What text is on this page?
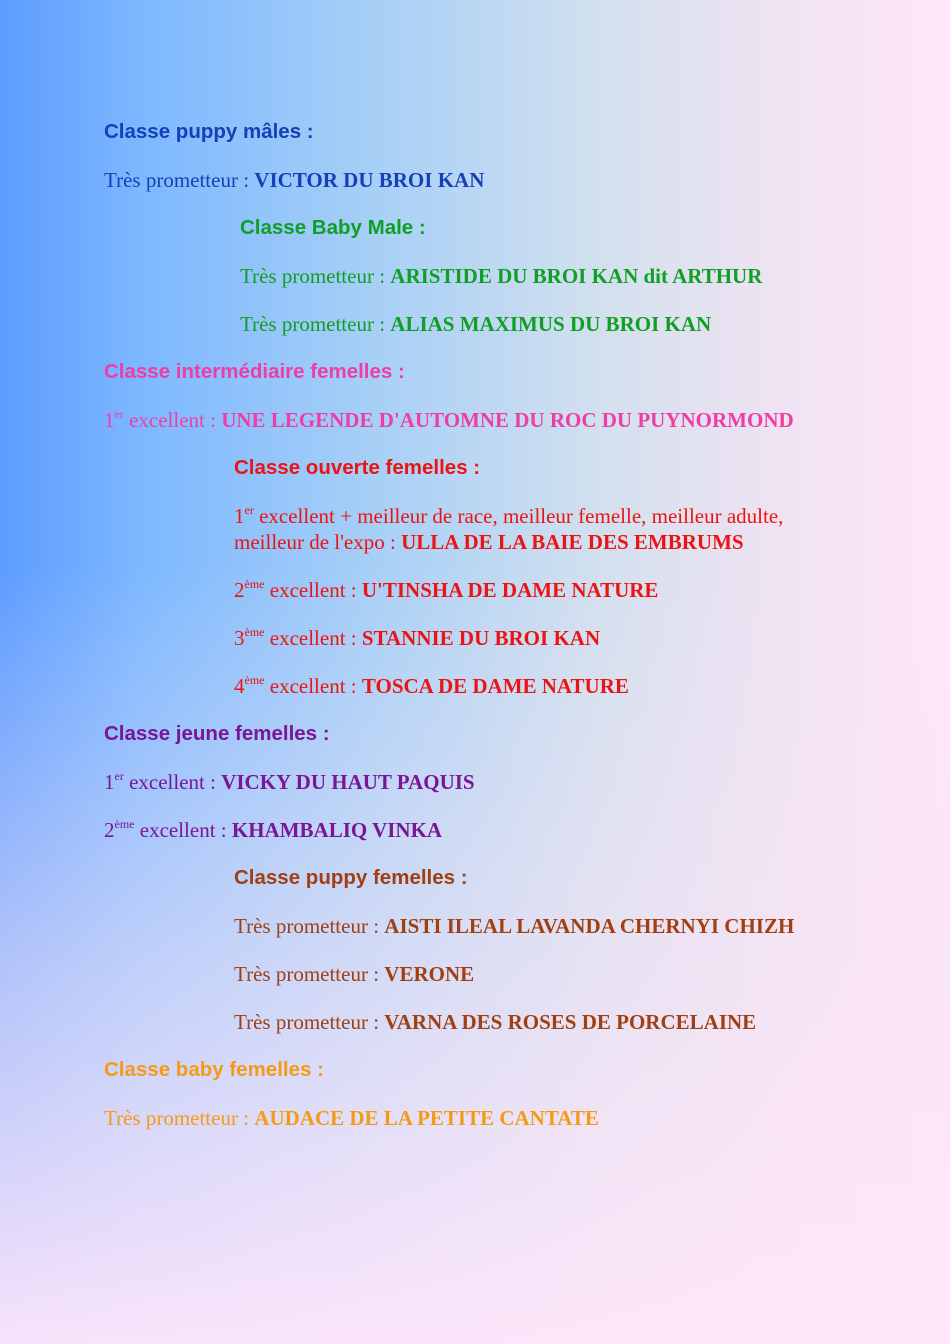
Classe puppy mâles :

Très prometteur : VICTOR DU BROI KAN

Classe Baby Male :

Très prometteur : ARISTIDE DU BROI KAN dit ARTHUR

Très prometteur : ALIAS MAXIMUS DU BROI KAN

Classe intermédiaire femelles :

1er excellent : UNE LEGENDE D'AUTOMNE DU ROC DU PUYNORMOND

Classe ouverte femelles :

1er excellent + meilleur de race, meilleur femelle, meilleur adulte,

meilleur de l'expo : ULLA DE LA BAIE DES EMBRUMS

2ème excellent : U'TINSHA DE DAME NATURE

3ème excellent : STANNIE DU BROI KAN

4ème excellent : TOSCA DE DAME NATURE

Classe jeune femelles :

1er excellent : VICKY DU HAUT PAQUIS

2ème excellent : KHAMBALIQ VINKA

Classe puppy femelles :

Très prometteur : AISTI ILEAL LAVANDA CHERNYI CHIZH

Très prometteur : VERONE

Très prometteur : VARNA DES ROSES DE PORCELAINE

Classe baby femelles :

Très prometteur : AUDACE DE LA PETITE CANTATE
